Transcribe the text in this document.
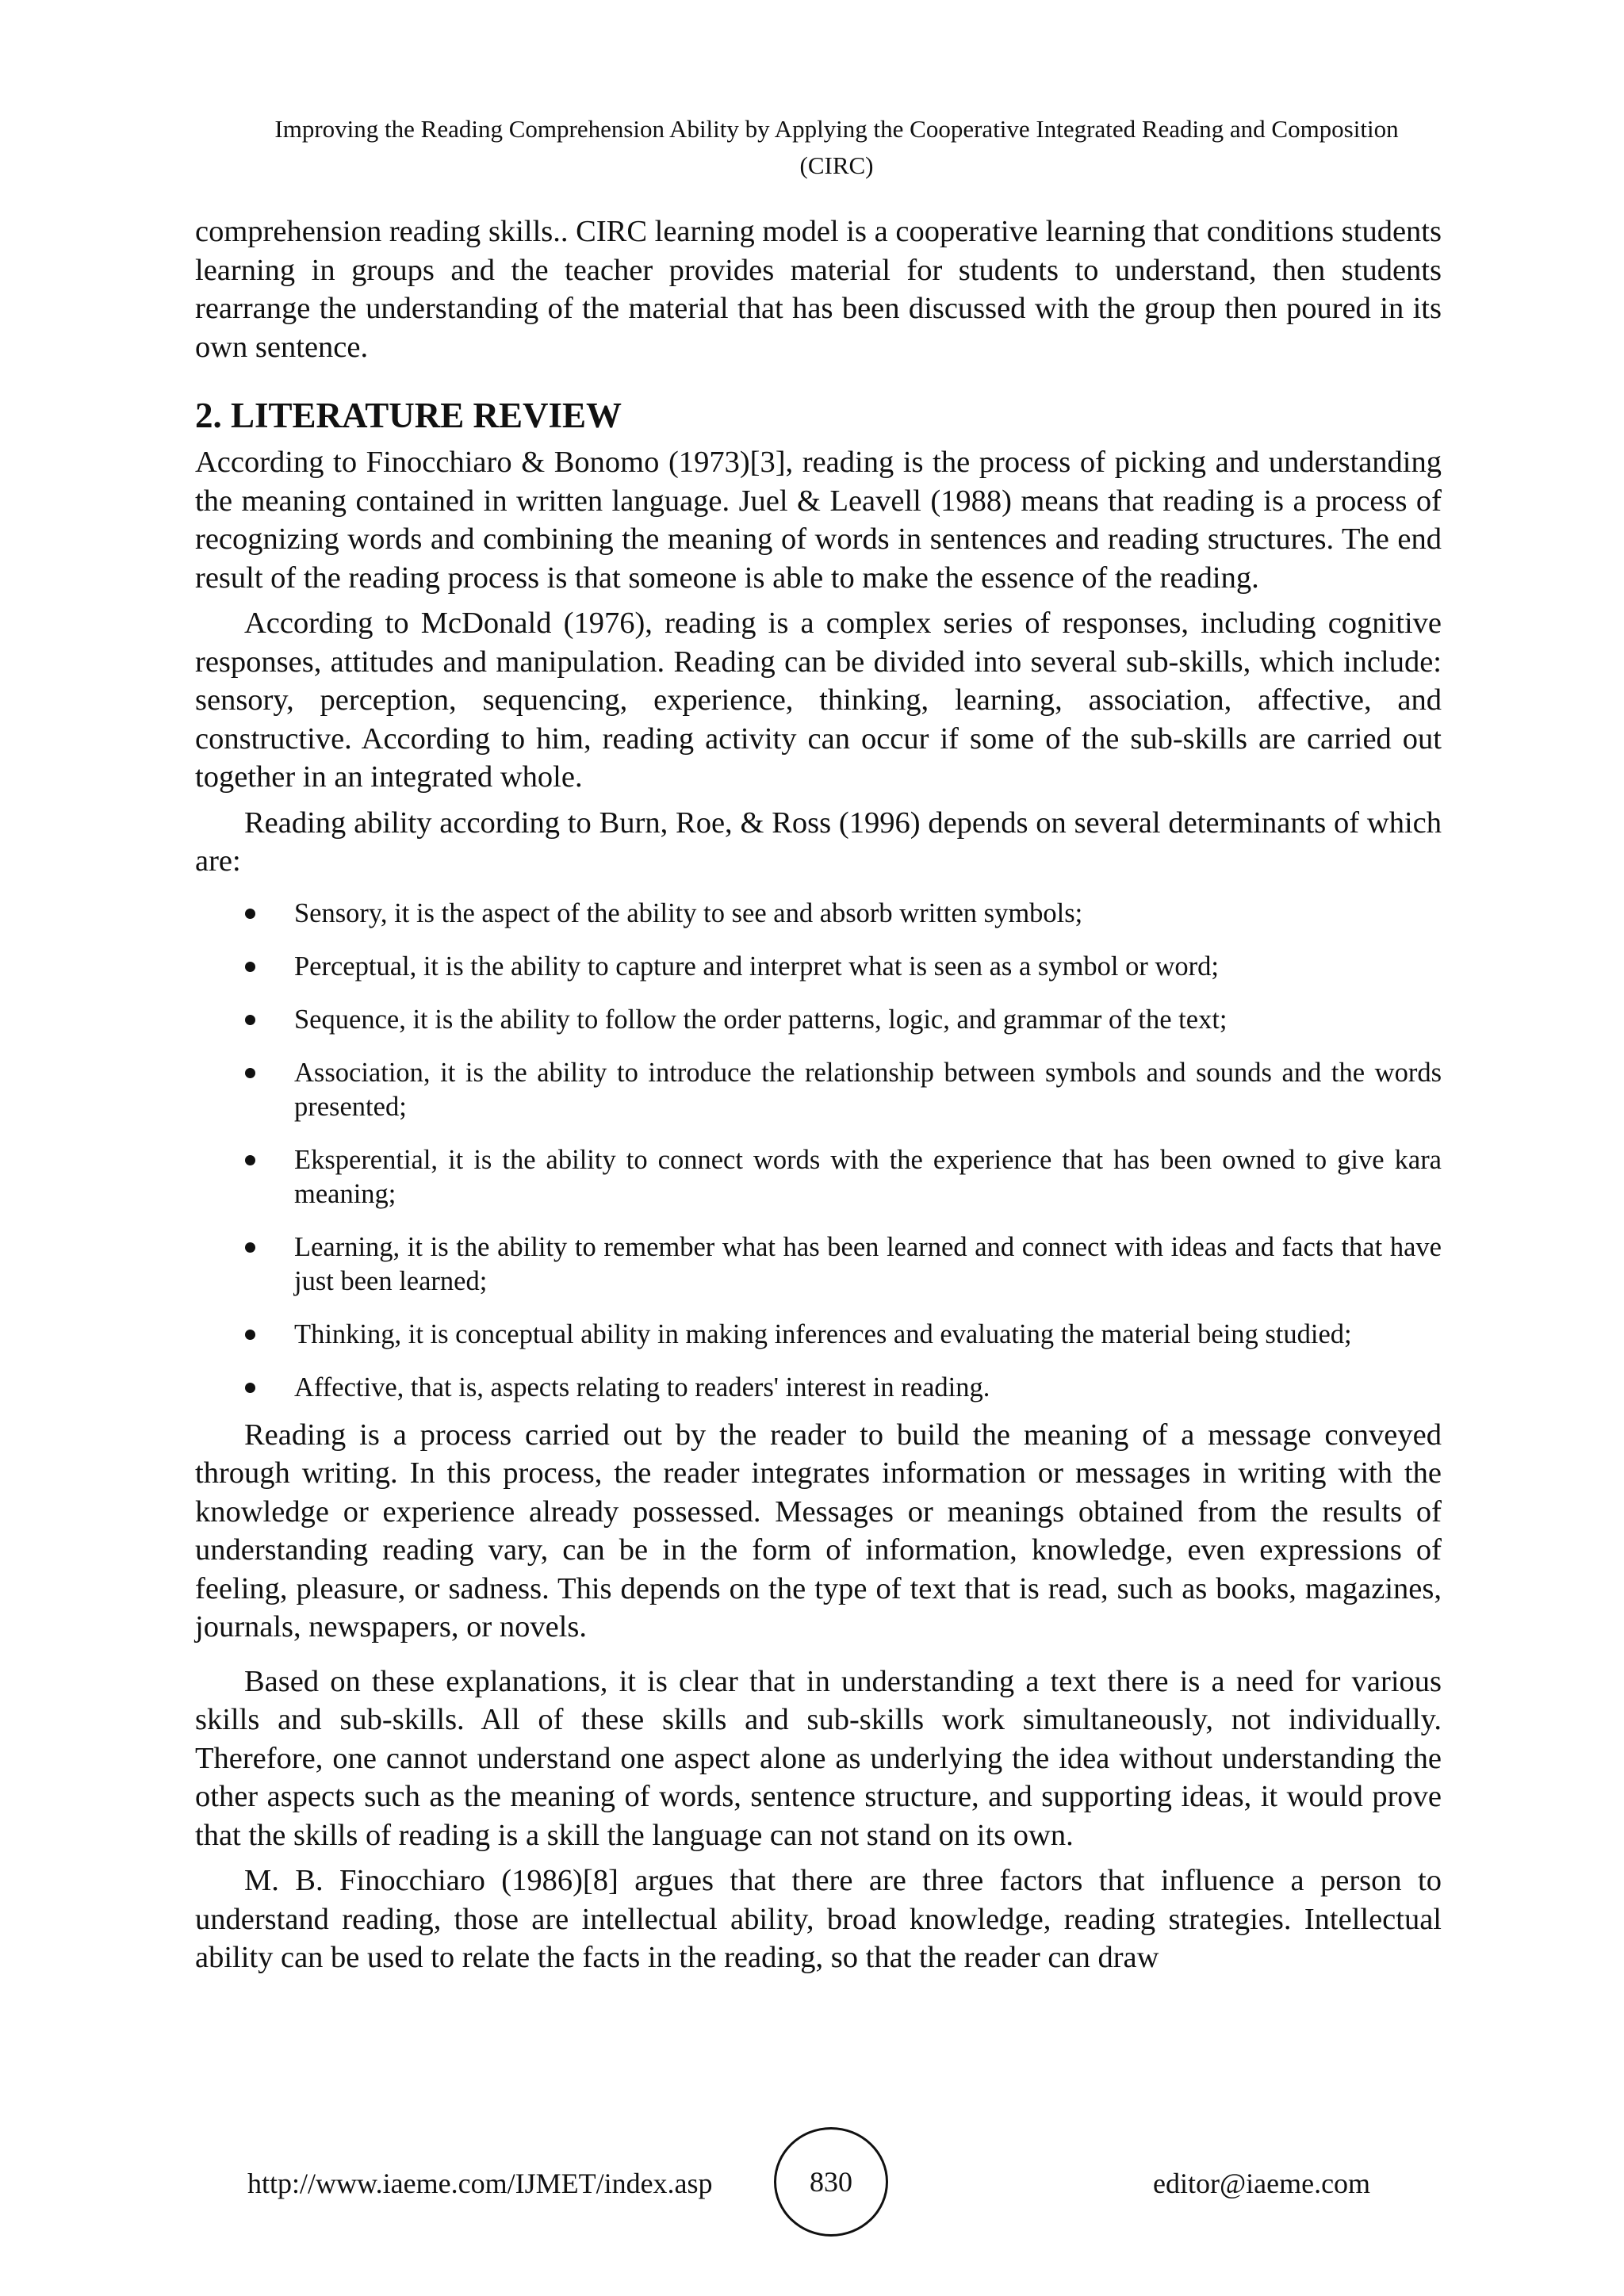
Improving the Reading Comprehension Ability by Applying the Cooperative Integrated Reading and Composition (CIRC)

comprehension reading skills.. CIRC learning model is a cooperative learning that conditions students learning in groups and the teacher provides material for students to understand, then students rearrange the understanding of the material that has been discussed with the group then poured in its own sentence.

2. LITERATURE REVIEW

According to Finocchiaro & Bonomo (1973)[3], reading is the process of picking and understanding the meaning contained in written language. Juel & Leavell (1988) means that reading is a process of recognizing words and combining the meaning of words in sentences and reading structures. The end result of the reading process is that someone is able to make the essence of the reading.

According to McDonald (1976), reading is a complex series of responses, including cognitive responses, attitudes and manipulation. Reading can be divided into several sub-skills, which include: sensory, perception, sequencing, experience, thinking, learning, association, affective, and constructive. According to him, reading activity can occur if some of the sub-skills are carried out together in an integrated whole.

Reading ability according to Burn, Roe, & Ross (1996) depends on several determinants of which are:

Sensory, it is the aspect of the ability to see and absorb written symbols;
Perceptual, it is the ability to capture and interpret what is seen as a symbol or word;
Sequence, it is the ability to follow the order patterns, logic, and grammar of the text;
Association, it is the ability to introduce the relationship between symbols and sounds and the words presented;
Eksperential, it is the ability to connect words with the experience that has been owned to give kara meaning;
Learning, it is the ability to remember what has been learned and connect with ideas and facts that have just been learned;
Thinking, it is conceptual ability in making inferences and evaluating the material being studied;
Affective, that is, aspects relating to readers' interest in reading.

Reading is a process carried out by the reader to build the meaning of a message conveyed through writing. In this process, the reader integrates information or messages in writing with the knowledge or experience already possessed. Messages or meanings obtained from the results of understanding reading vary, can be in the form of information, knowledge, even expressions of feeling, pleasure, or sadness. This depends on the type of text that is read, such as books, magazines, journals, newspapers, or novels.

Based on these explanations, it is clear that in understanding a text there is a need for various skills and sub-skills. All of these skills and sub-skills work simultaneously, not individually. Therefore, one cannot understand one aspect alone as underlying the idea without understanding the other aspects such as the meaning of words, sentence structure, and supporting ideas, it would prove that the skills of reading is a skill the language can not stand on its own.

M. B. Finocchiaro (1986)[8] argues that there are three factors that influence a person to understand reading, those are intellectual ability, broad knowledge, reading strategies. Intellectual ability can be used to relate the facts in the reading, so that the reader can draw

http://www.iaeme.com/IJMET/index.asp	830	editor@iaeme.com
